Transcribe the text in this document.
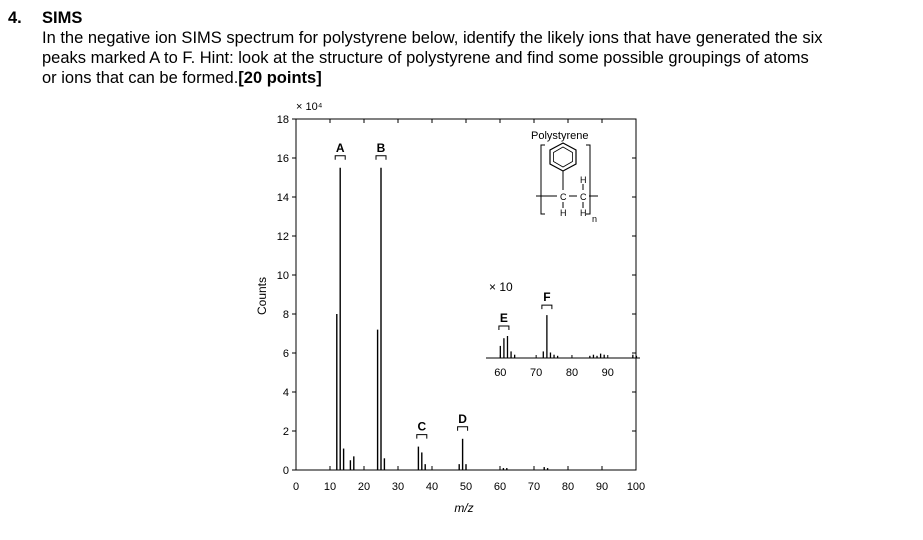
4. SIMS
In the negative ion SIMS spectrum for polystyrene below, identify the likely ions that have generated the six
peaks marked A to F. Hint: look at the structure of polystyrene and find some possible groupings of atoms
or ions that can be formed.[20 points]
0
2
4
6
8
10
12
14
16
18
0 10 20 30 40 50 60 70 80 90 100
A	B
C
D
60 70 80 90
E
F
× 10⁴
Counts
m/z
× 10
Polystyrene
C C
H
H
H
n
